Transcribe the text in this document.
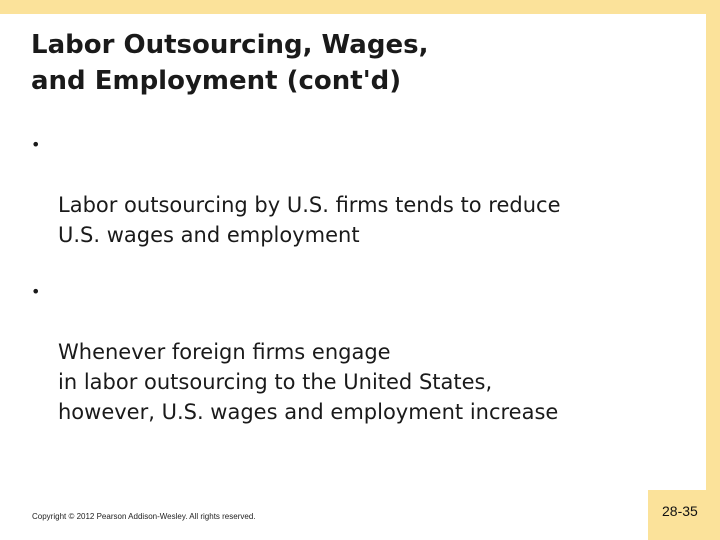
Labor Outsourcing, Wages,
and Employment (cont'd)

•

Labor outsourcing by U.S. firms tends to reduce
U.S. wages and employment

•

Whenever foreign firms engage
in labor outsourcing to the United States,
however, U.S. wages and employment increase

Copyright © 2012 Pearson Addison-Wesley. All rights reserved.	28-35
